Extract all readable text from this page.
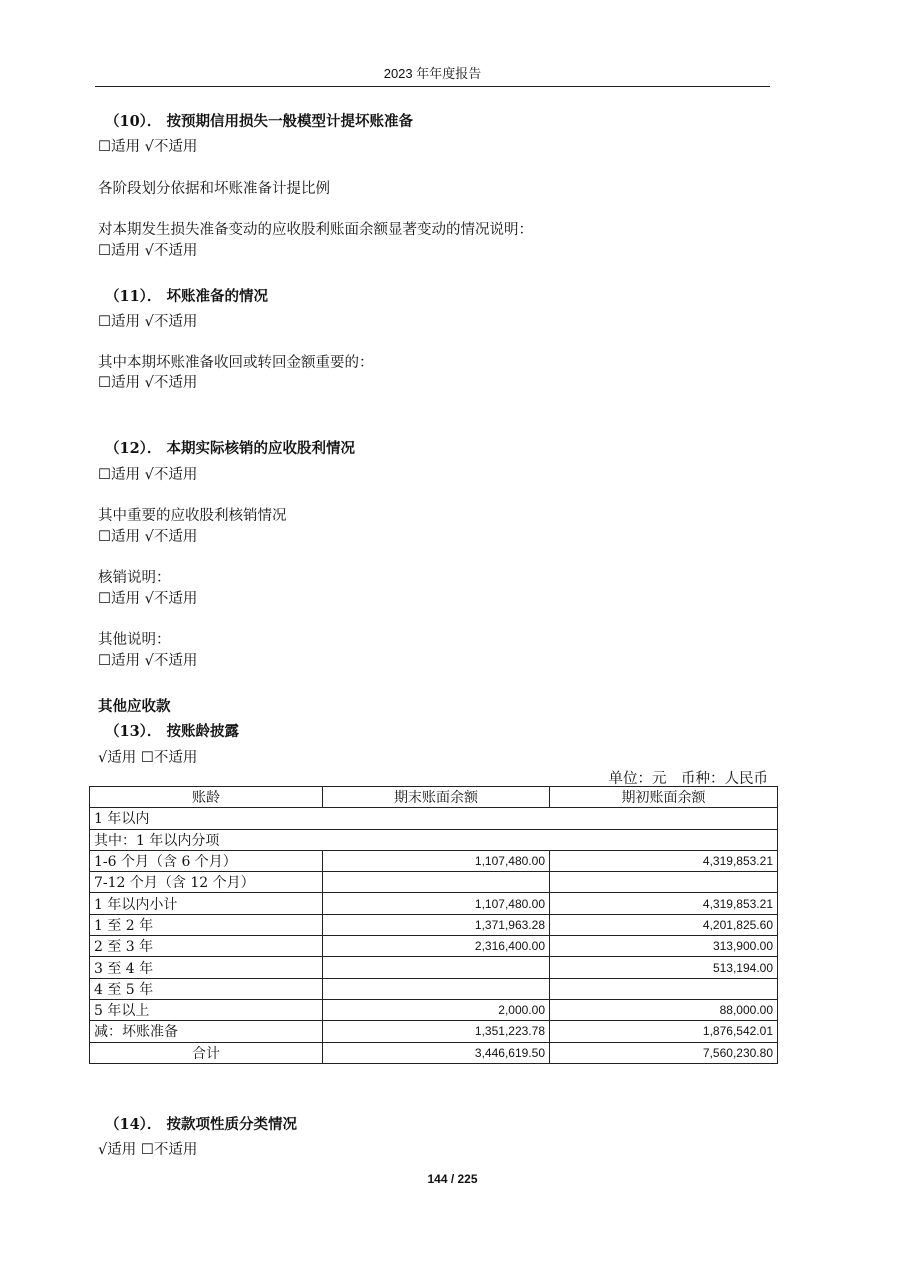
2023 年年度报告
（10）． 按预期信用损失一般模型计提坏账准备
☐适用 √不适用
各阶段划分依据和坏账准备计提比例
对本期发生损失准备变动的应收股利账面余额显著变动的情况说明：
☐适用 √不适用
（11）． 坏账准备的情况
☐适用 √不适用
其中本期坏账准备收回或转回金额重要的：
☐适用 √不适用
（12）． 本期实际核销的应收股利情况
☐适用 √不适用
其中重要的应收股利核销情况
☐适用 √不适用
核销说明：
☐适用 √不适用
其他说明：
☐适用 √不适用
其他应收款
（13）． 按账龄披露
√适用 ☐不适用
单位：元　币种：人民币
账龄	期末账面余额	期初账面余额
1 年以内		
其中：1 年以内分项		
1-6 个月（含 6 个月）	1,107,480.00	4,319,853.21
7-12 个月（含 12 个月）		
1 年以内小计	1,107,480.00	4,319,853.21
1 至 2 年	1,371,963.28	4,201,825.60
2 至 3 年	2,316,400.00	313,900.00
3 至 4 年		513,194.00
4 至 5 年		
5 年以上	2,000.00	88,000.00
减：坏账准备	1,351,223.78	1,876,542.01
合计	3,446,619.50	7,560,230.80
（14）． 按款项性质分类情况
√适用 ☐不适用
144 / 225
